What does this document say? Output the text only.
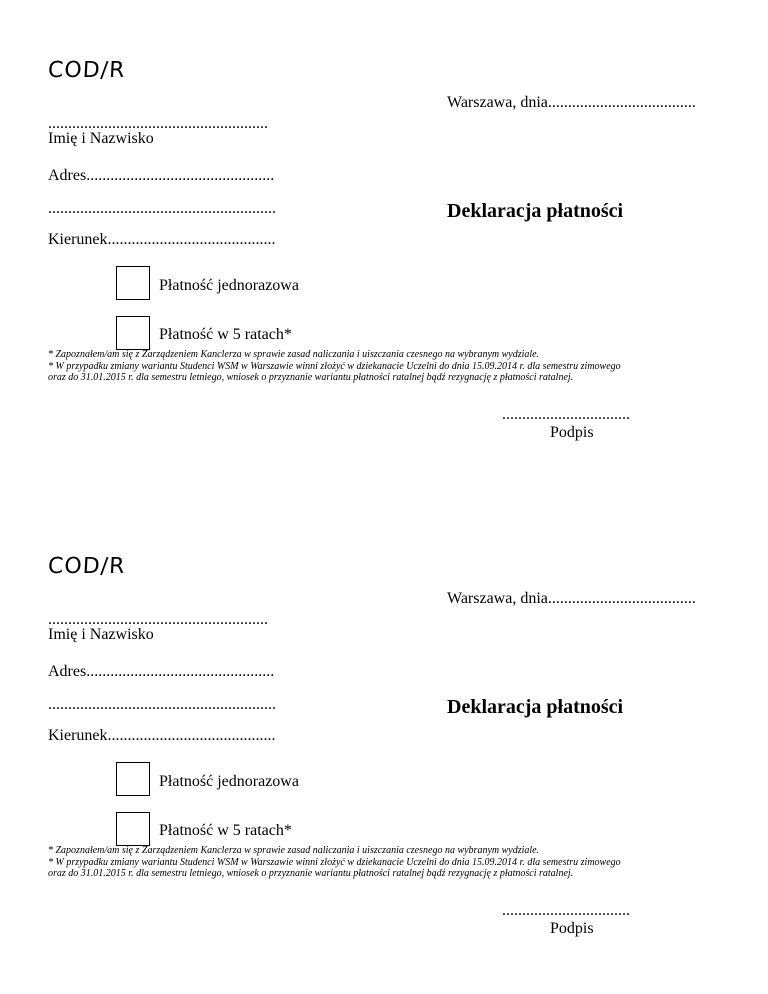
COD/R
Warszawa, dnia.....................................
.......................................................
Imię i Nazwisko
Adres...............................................
.........................................................	Deklaracja płatności
Kierunek..........................................
Płatność jednorazowa
Płatność w 5 ratach*
* Zapoznałem/am się z Zarządzeniem Kanclerza w sprawie zasad naliczania i uiszczania czesnego na wybranym wydziale.
* W przypadku zmiany wariantu Studenci WSM w Warszawie winni złożyć w dziekanacie Uczelni do dnia 15.09.2014 r. dla semestru zimowego
oraz do 31.01.2015 r. dla semestru letniego, wniosek o przyznanie wariantu płatności ratalnej bądź rezygnację z płatności ratalnej.
................................
Podpis
COD/R
Warszawa, dnia.....................................
.......................................................
Imię i Nazwisko
Adres...............................................
.........................................................	Deklaracja płatności
Kierunek..........................................
Płatność jednorazowa
Płatność w 5 ratach*
* Zapoznałem/am się z Zarządzeniem Kanclerza w sprawie zasad naliczania i uiszczania czesnego na wybranym wydziale.
* W przypadku zmiany wariantu Studenci WSM w Warszawie winni złożyć w dziekanacie Uczelni do dnia 15.09.2014 r. dla semestru zimowego
oraz do 31.01.2015 r. dla semestru letniego, wniosek o przyznanie wariantu płatności ratalnej bądź rezygnację z płatności ratalnej.
................................
Podpis
